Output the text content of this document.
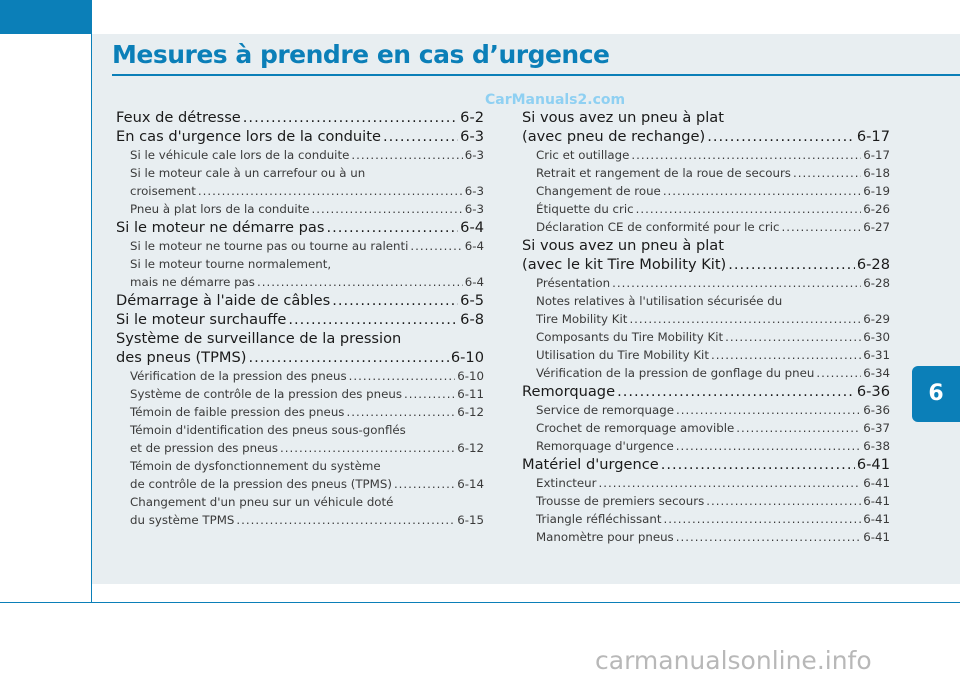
Mesures à prendre en cas d’urgence
CarManuals2.com
Feux de détresse .....	6-2
En cas d'urgence lors de la conduite .....	6-3
Si le véhicule cale lors de la conduite .....	6-3
Si le moteur cale à un carrefour ou à un
croisement .....	6-3
Pneu à plat lors de la conduite .....	6-3
Si le moteur ne démarre pas .....	6-4
Si le moteur ne tourne pas ou tourne au ralenti .....	6-4
Si le moteur tourne normalement,
mais ne démarre pas .....	6-4
Démarrage à l'aide de câbles .....	6-5
Si le moteur surchauffe .....	6-8
Système de surveillance de la pression
des pneus (TPMS) .....	6-10
Vérification de la pression des pneus .....	6-10
Système de contrôle de la pression des pneus .....	6-11
Témoin de faible pression des pneus .....	6-12
Témoin d'identification des pneus sous-gonflés
et de pression des pneus .....	6-12
Témoin de dysfonctionnement du système
de contrôle de la pression des pneus (TPMS) .....	6-14
Changement d'un pneu sur un véhicule doté
du système TPMS .....	6-15
Si vous avez un pneu à plat
(avec pneu de rechange) .....	6-17
Cric et outillage .....	6-17
Retrait et rangement de la roue de secours .....	6-18
Changement de roue .....	6-19
Étiquette du cric .....	6-26
Déclaration CE de conformité pour le cric .....	6-27
Si vous avez un pneu à plat
(avec le kit Tire Mobility Kit) .....	6-28
Présentation .....	6-28
Notes relatives à l'utilisation sécurisée du
Tire Mobility Kit .....	6-29
Composants du Tire Mobility Kit .....	6-30
Utilisation du Tire Mobility Kit .....	6-31
Vérification de la pression de gonflage du pneu .....	6-34
Remorquage .....	6-36
Service de remorquage .....	6-36
Crochet de remorquage amovible .....	6-37
Remorquage d'urgence .....	6-38
Matériel d'urgence .....	6-41
Extincteur .....	6-41
Trousse de premiers secours .....	6-41
Triangle réfléchissant .....	6-41
Manomètre pour pneus .....	6-41
6
carmanualsonline.info
